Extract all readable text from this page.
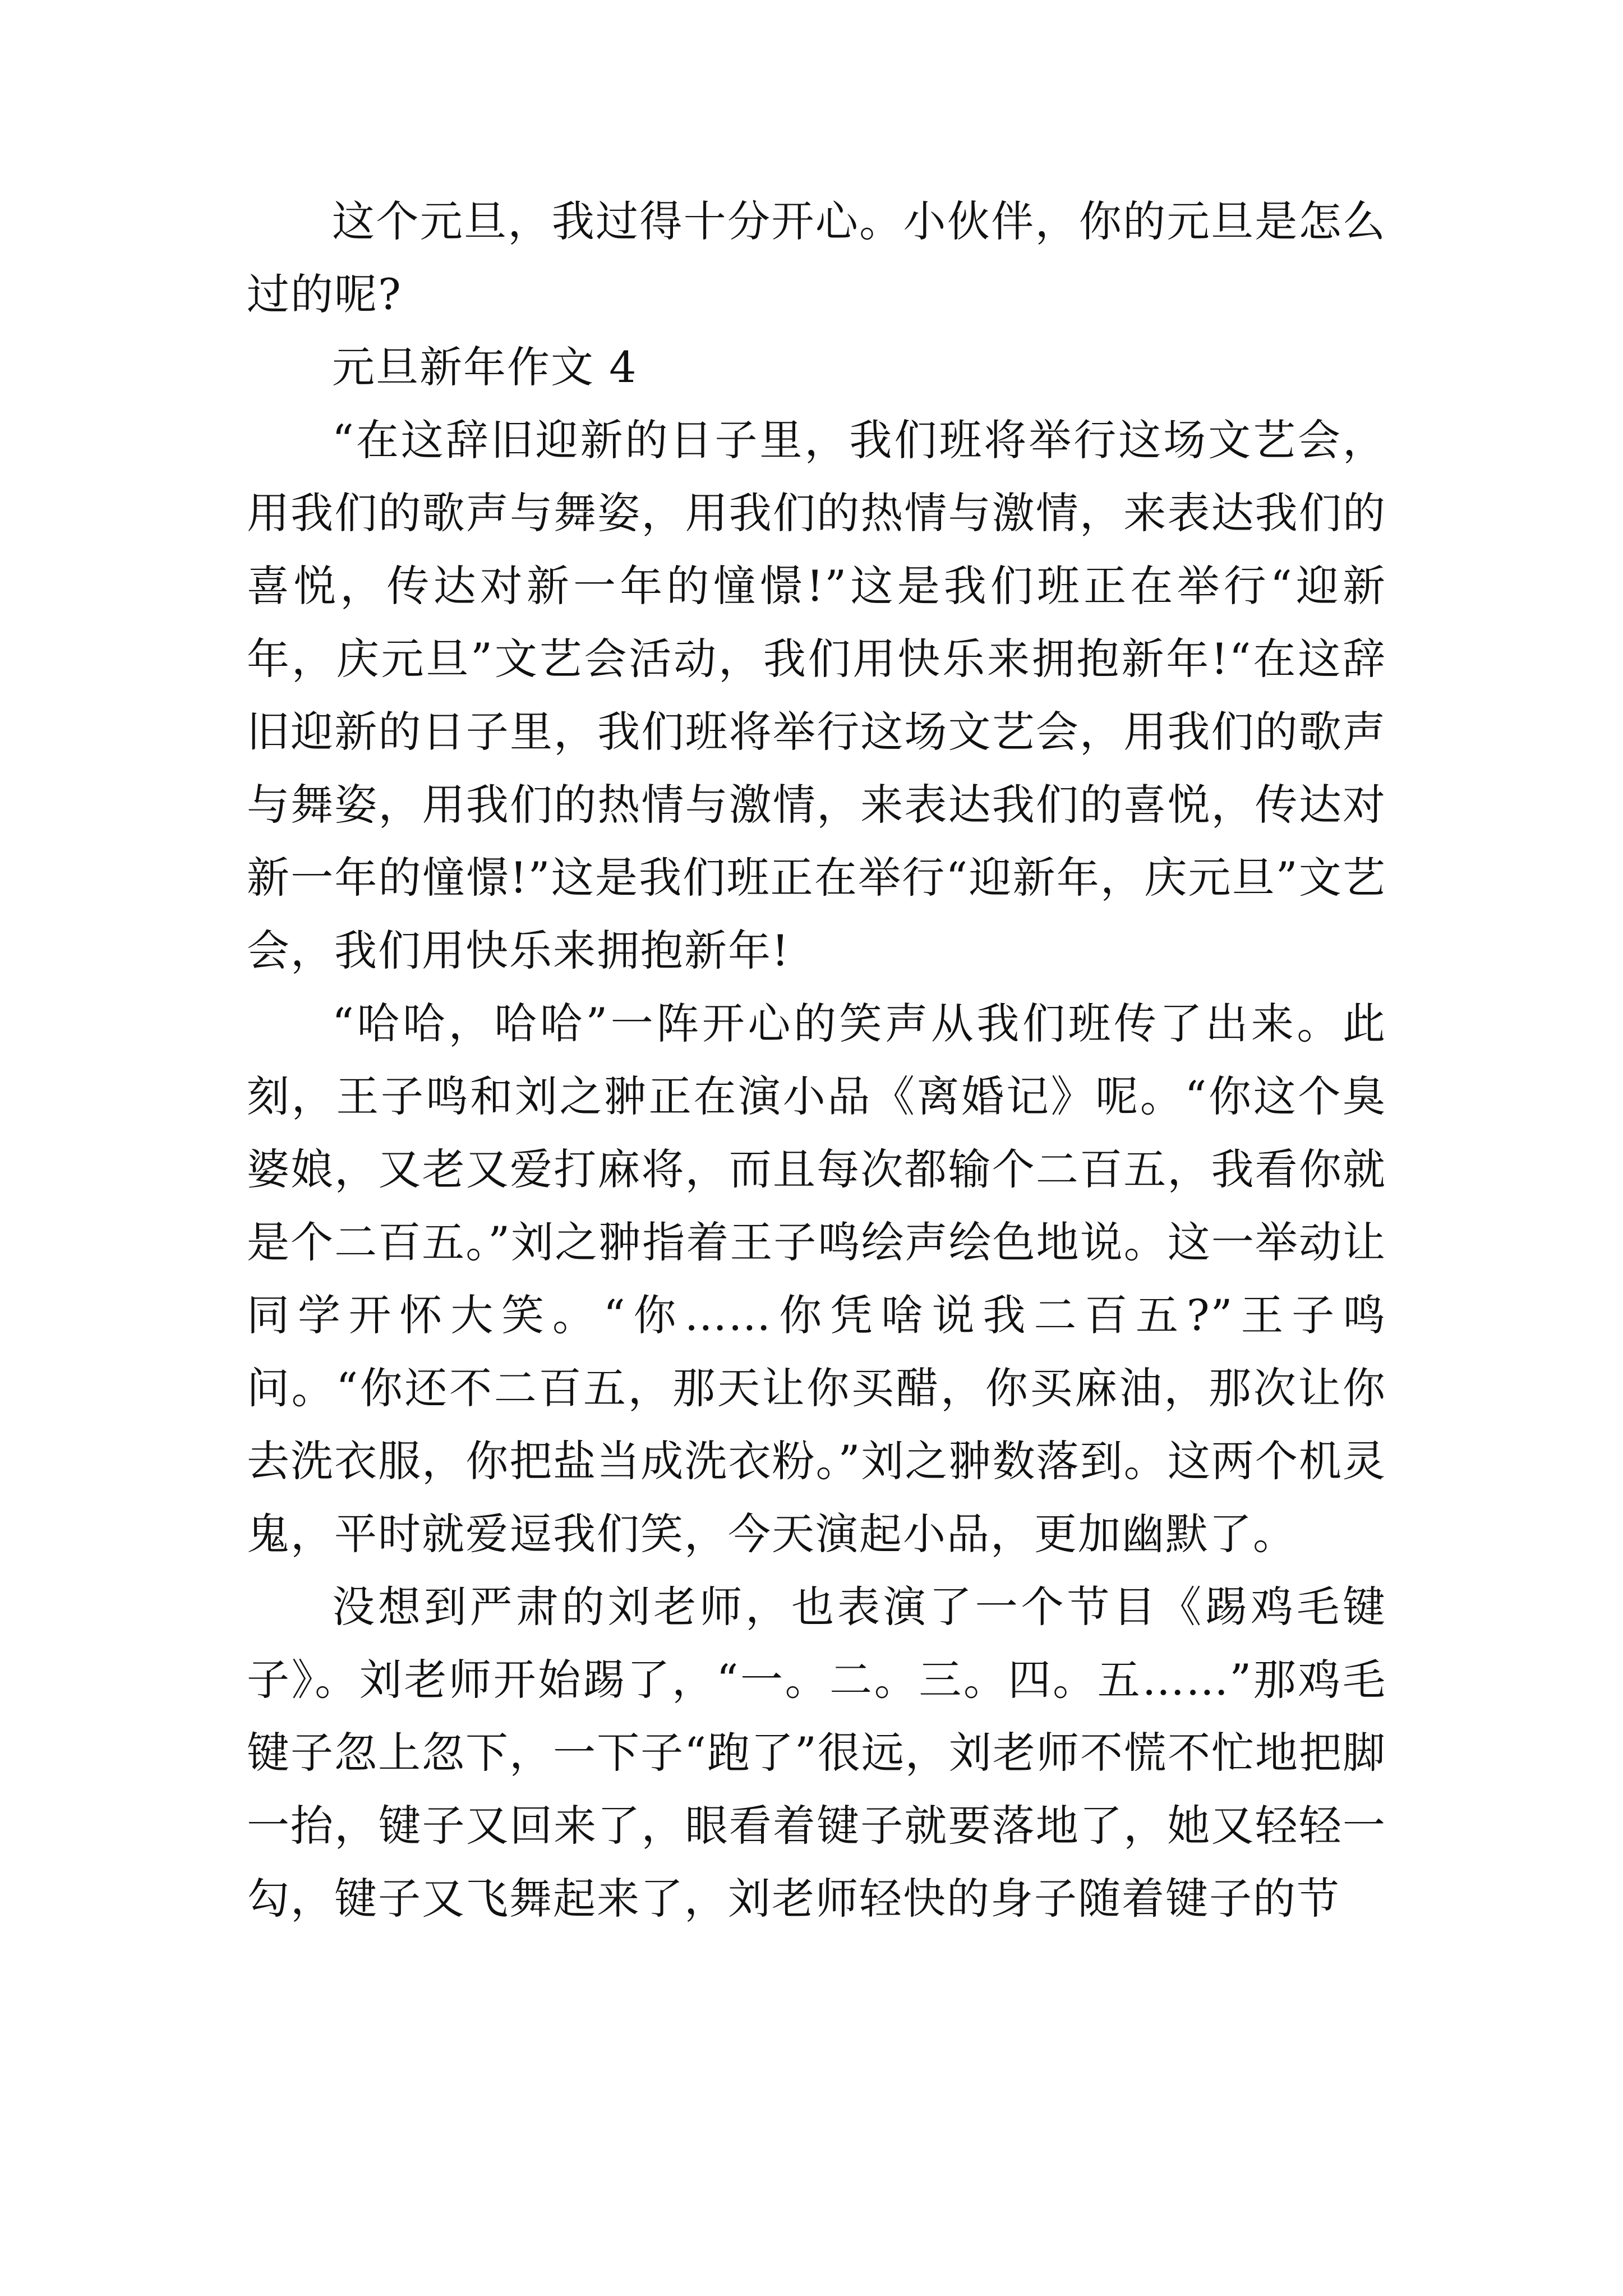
这个元旦，我过得十分开心。小伙伴，你的元旦是怎么过的呢?

元旦新年作文 4

“在这辞旧迎新的日子里，我们班将举行这场文艺会，用我们的歌声与舞姿，用我们的热情与激情，来表达我们的喜悦，传达对新一年的憧憬!”这是我们班正在举行“迎新年，庆元旦”文艺会活动，我们用快乐来拥抱新年!“在这辞旧迎新的日子里，我们班将举行这场文艺会，用我们的歌声与舞姿，用我们的热情与激情，来表达我们的喜悦，传达对新一年的憧憬!”这是我们班正在举行“迎新年，庆元旦”文艺会，我们用快乐来拥抱新年!

“哈哈，哈哈”一阵开心的笑声从我们班传了出来。此刻，王子鸣和刘之翀正在演小品《离婚记》呢。“你这个臭婆娘，又老又爱打麻将，而且每次都输个二百五，我看你就是个二百五。”刘之翀指着王子鸣绘声绘色地说。这一举动让同学开怀大笑。“你……你凭啥说我二百五?”王子鸣问。“你还不二百五，那天让你买醋，你买麻油，那次让你去洗衣服，你把盐当成洗衣粉。”刘之翀数落到。这两个机灵鬼，平时就爱逗我们笑，今天演起小品，更加幽默了。

没想到严肃的刘老师，也表演了一个节目《踢鸡毛键子》。刘老师开始踢了，“一。二。三。四。五……”那鸡毛键子忽上忽下，一下子“跑了”很远，刘老师不慌不忙地把脚一抬，键子又回来了，眼看着键子就要落地了，她又轻轻一勾，键子又飞舞起来了，刘老师轻快的身子随着键子的节
